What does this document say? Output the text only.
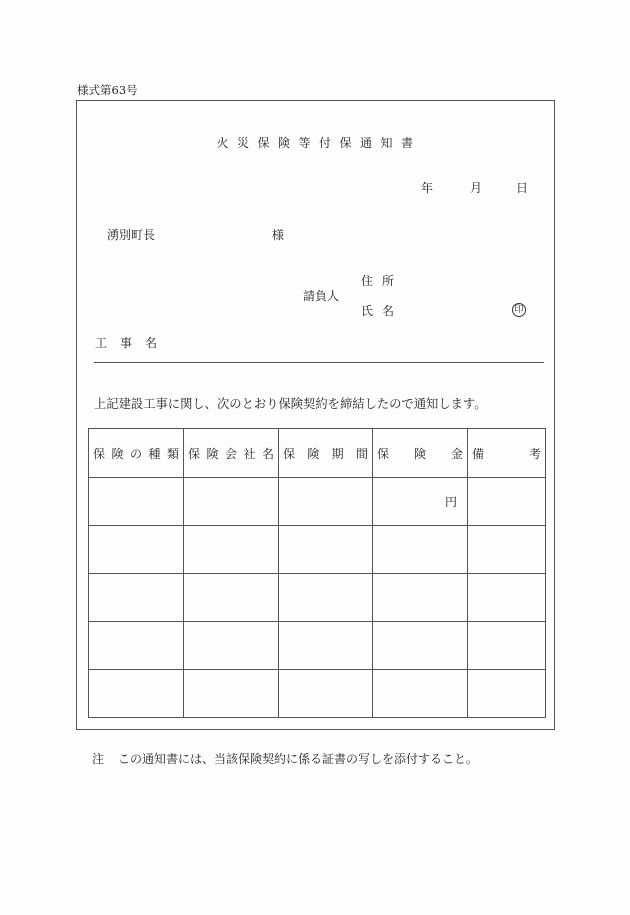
様式第63号
火災保険等付保通知書
年	月	日
湧別町長	様
請負人
住所
氏名	印
工事名
上記建設工事に関し、次のとおり保険契約を締結したので通知します。
保 険 の 種 類	保 険 会 社 名	保 険 期 間	保 険 金	備 考

			円	

注 この通知書には、当該保険契約に係る証書の写しを添付すること。
